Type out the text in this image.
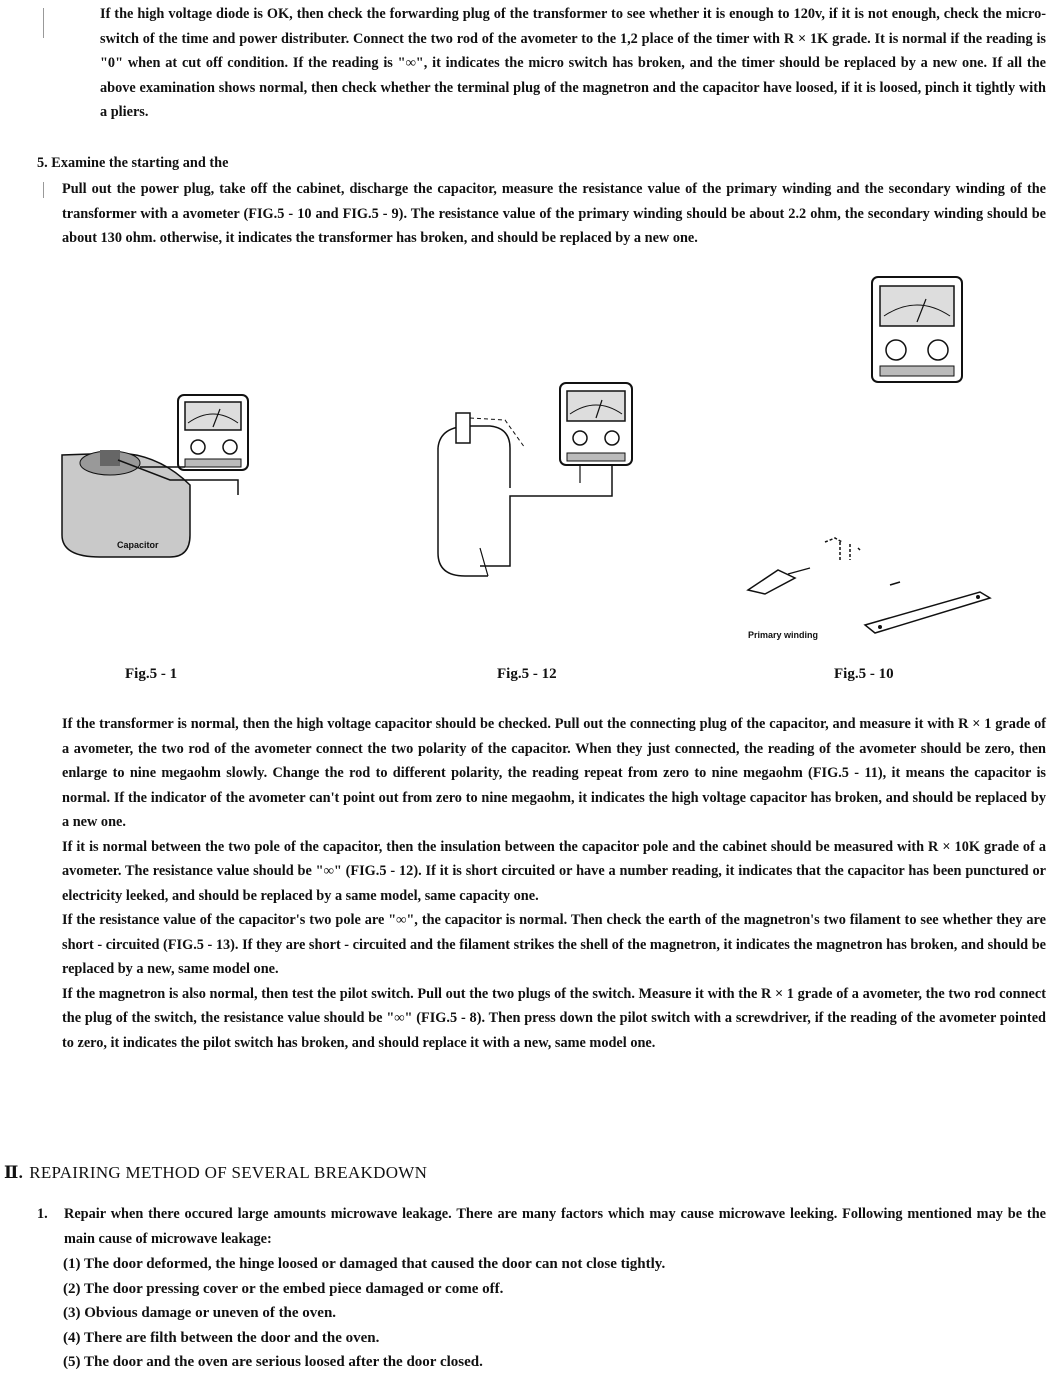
If the high voltage diode is OK, then check the forwarding plug of the transformer to see whether it is enough to 120v, if it is not enough, check the micro-switch of the time and power distributer. Connect the two rod of the avometer to the 1,2 place of the timer with R × 1K grade. It is normal if the reading is "0" when at cut off condition. If the reading is "∞", it indicates the micro switch has broken, and the timer should be replaced by a new one. If all the above examination shows normal, then check whether the terminal plug of the magnetron and the capacitor have loosed, if it is loosed, pinch it tightly with a pliers.
5. Examine the starting and the
Pull out the power plug, take off the cabinet, discharge the capacitor, measure the resistance value of the primary winding and the secondary winding of the transformer with a avometer (FIG.5 - 10 and FIG.5 - 9). The resistance value of the primary winding should be about 2.2 ohm, the secondary winding should be about 130 ohm. otherwise, it indicates the transformer has broken, and should be replaced by a new one.
Capacitor
Fig.5 - 1	Fig.5 - 12
Primary winding
Fig.5 - 10
If the transformer is normal, then the high voltage capacitor should be checked. Pull out the connecting plug of the capacitor, and measure it with R × 1 grade of a avometer, the two rod of the avometer connect the two polarity of the capacitor. When they just connected, the reading of the avometer should be zero, then enlarge to nine megaohm slowly. Change the rod to different polarity, the reading repeat from zero to nine megaohm (FIG.5 - 11), it means the capacitor is normal. If the indicator of the avometer can't point out from zero to nine megaohm, it indicates the high voltage capacitor has broken, and should be replaced by a new one.
If it is normal between the two pole of the capacitor, then the insulation between the capacitor pole and the cabinet should be measured with R × 10K grade of a avometer. The resistance value should be "∞" (FIG.5 - 12). If it is short circuited or have a number reading, it indicates that the capacitor has been punctured or electricity leeked, and should be replaced by a same model, same capacity one.
If the resistance value of the capacitor's two pole are "∞", the capacitor is normal. Then check the earth of the magnetron's two filament to see whether they are short - circuited (FIG.5 - 13). If they are short - circuited and the filament strikes the shell of the magnetron, it indicates the magnetron has broken, and should be replaced by a new, same model one.
If the magnetron is also normal, then test the pilot switch. Pull out the two plugs of the switch. Measure it with the R × 1 grade of a avometer, the two rod connect the plug of the switch, the resistance value should be "∞" (FIG.5 - 8). Then press down the pilot switch with a screwdriver, if the reading of the avometer pointed to zero, it indicates the pilot switch has broken, and should replace it with a new, same model one.
Ⅱ. REPAIRING METHOD OF SEVERAL BREAKDOWN
1. Repair when there occured large amounts microwave leakage. There are many factors which may cause microwave leeking. Following mentioned may be the main cause of microwave leakage:
(1) The door deformed, the hinge loosed or damaged that caused the door can not close tightly.
(2) The door pressing cover or the embed piece damaged or come off.
(3) Obvious damage or uneven of the oven.
(4) There are filth between the door and the oven.
(5) The door and the oven are serious loosed after the door closed.
